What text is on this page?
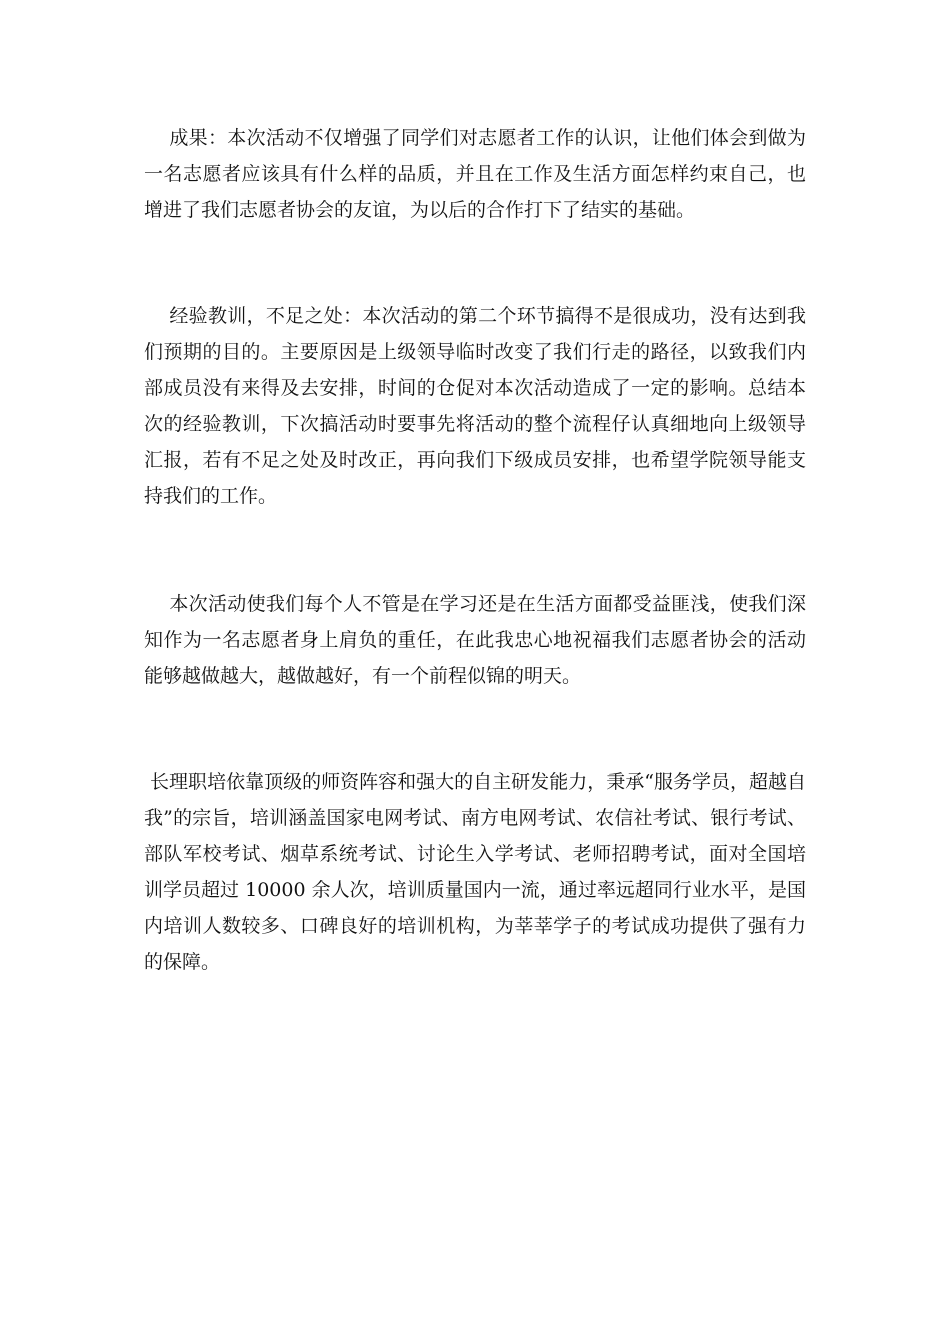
成果：本次活动不仅增强了同学们对志愿者工作的认识，让他们体会到做为一名志愿者应该具有什么样的品质，并且在工作及生活方面怎样约束自己，也增进了我们志愿者协会的友谊，为以后的合作打下了结实的基础。

经验教训，不足之处：本次活动的第二个环节搞得不是很成功，没有达到我们预期的目的。主要原因是上级领导临时改变了我们行走的路径，以致我们内部成员没有来得及去安排，时间的仓促对本次活动造成了一定的影响。总结本次的经验教训，下次搞活动时要事先将活动的整个流程仔认真细地向上级领导汇报，若有不足之处及时改正，再向我们下级成员安排，也希望学院领导能支持我们的工作。

本次活动使我们每个人不管是在学习还是在生活方面都受益匪浅，使我们深知作为一名志愿者身上肩负的重任，在此我忠心地祝福我们志愿者协会的活动能够越做越大，越做越好，有一个前程似锦的明天。

长理职培依靠顶级的师资阵容和强大的自主研发能力，秉承“服务学员，超越自我”的宗旨，培训涵盖国家电网考试、南方电网考试、农信社考试、银行考试、部队军校考试、烟草系统考试、讨论生入学考试、老师招聘考试，面对全国培训学员超过 10000 余人次，培训质量国内一流，通过率远超同行业水平，是国内培训人数较多、口碑良好的培训机构，为莘莘学子的考试成功提供了强有力的保障。
